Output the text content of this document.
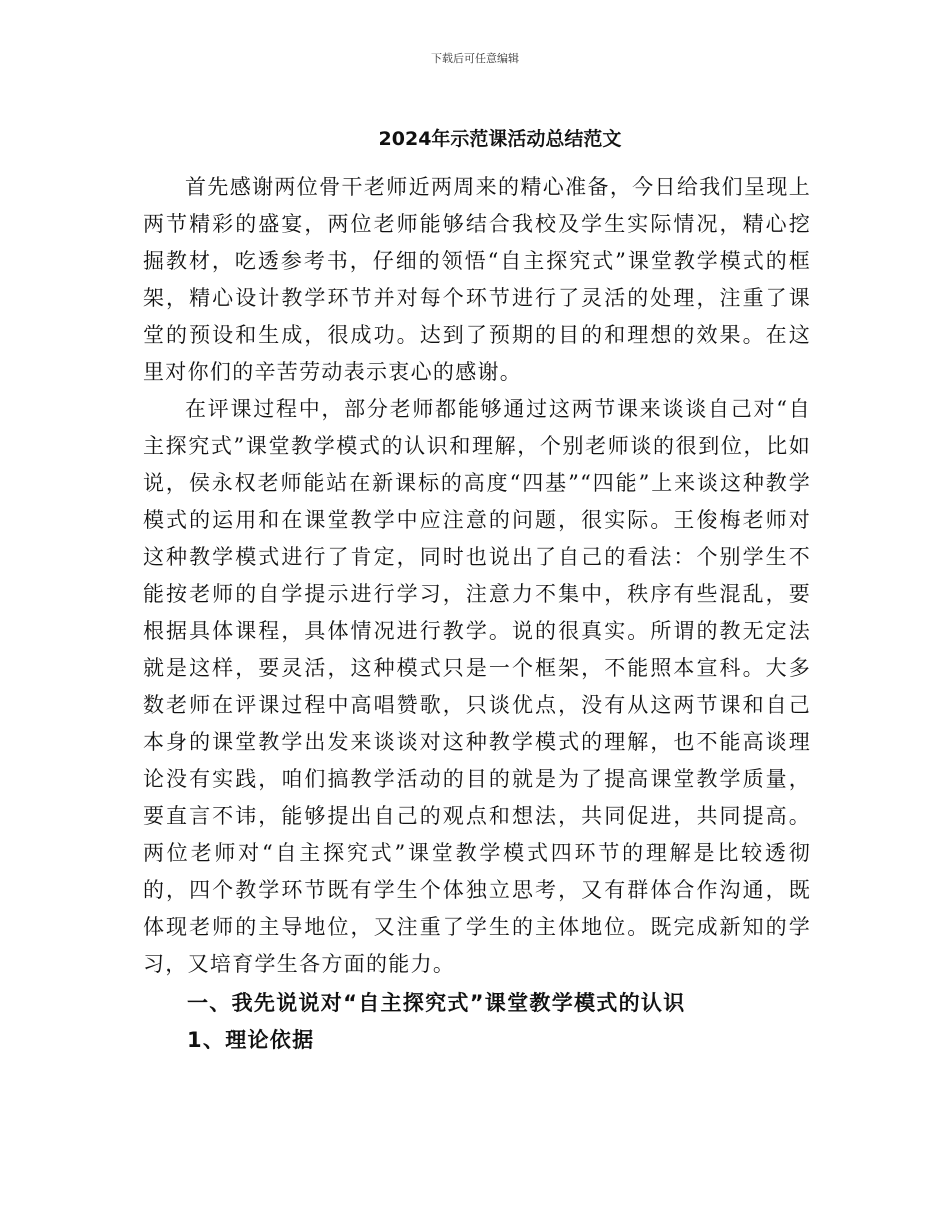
下载后可任意编辑
2024年示范课活动总结范文

首先感谢两位骨干老师近两周来的精心准备，今日给我们呈现上两节精彩的盛宴，两位老师能够结合我校及学生实际情况，精心挖掘教材，吃透参考书，仔细的领悟“自主探究式”课堂教学模式的框架，精心设计教学环节并对每个环节进行了灵活的处理，注重了课堂的预设和生成，很成功。达到了预期的目的和理想的效果。在这里对你们的辛苦劳动表示衷心的感谢。

在评课过程中，部分老师都能够通过这两节课来谈谈自己对“自主探究式”课堂教学模式的认识和理解，个别老师谈的很到位，比如说，侯永权老师能站在新课标的高度“四基”“四能”上来谈这种教学模式的运用和在课堂教学中应注意的问题，很实际。王俊梅老师对这种教学模式进行了肯定，同时也说出了自己的看法：个别学生不能按老师的自学提示进行学习，注意力不集中，秩序有些混乱，要根据具体课程，具体情况进行教学。说的很真实。所谓的教无定法就是这样，要灵活，这种模式只是一个框架，不能照本宣科。大多数老师在评课过程中高唱赞歌，只谈优点，没有从这两节课和自己本身的课堂教学出发来谈谈对这种教学模式的理解，也不能高谈理论没有实践，咱们搞教学活动的目的就是为了提高课堂教学质量，要直言不讳，能够提出自己的观点和想法，共同促进，共同提高。两位老师对“自主探究式”课堂教学模式四环节的理解是比较透彻的，四个教学环节既有学生个体独立思考，又有群体合作沟通，既体现老师的主导地位，又注重了学生的主体地位。既完成新知的学习，又培育学生各方面的能力。

一、我先说说对“自主探究式”课堂教学模式的认识
1、理论依据
